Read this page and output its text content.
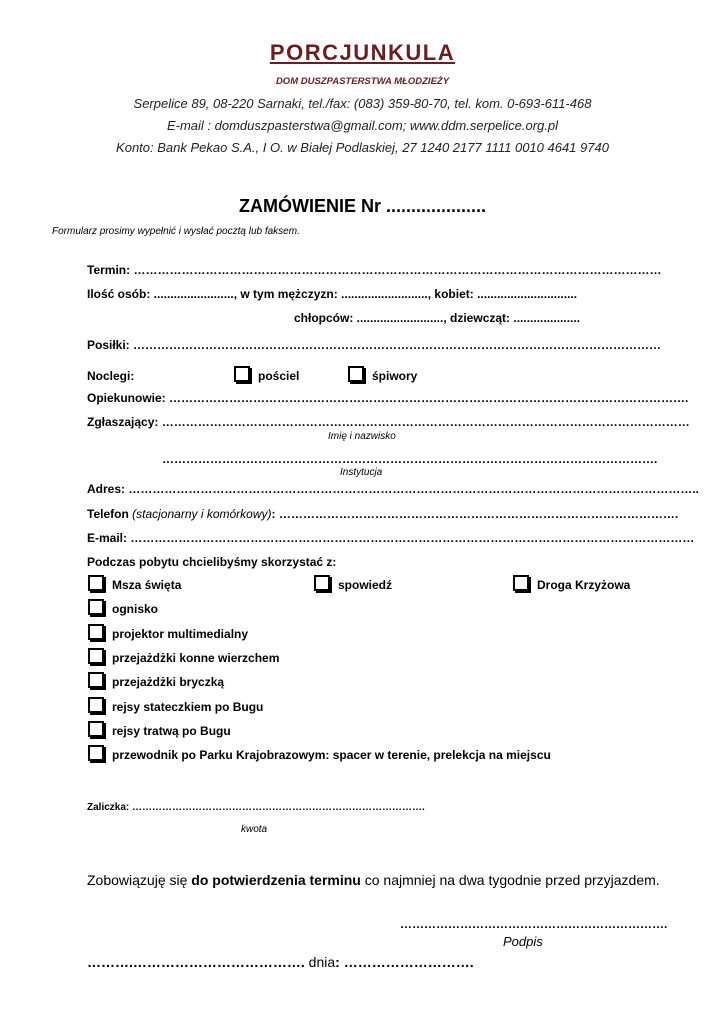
PORCJUNKULA
DOM DUSZPASTERSTWA MŁODZIEŻY
Serpelice 89, 08-220 Sarnaki, tel./fax: (083) 359-80-70, tel. kom. 0-693-611-468
E-mail : domduszpasterstwa@gmail.com; www.ddm.serpelice.org.pl
Konto: Bank Pekao S.A., I O. w Białej Podlaskiej, 27 1240 2177 1111 0010 4641 9740
ZAMÓWIENIE Nr ....................
Formularz prosimy wypełnić i wysłać pocztą lub faksem.
Termin: ……………………………………………………………………………………………………………………
Ilość osób: ........................, w tym mężczyzn: .........................., kobiet: ..............................
chłopców: .........................., dziewcząt: ....................
Posiłki: ……………………………………………………………………………………………………………………
Noclegi:	pościel	śpiwory
Opiekunowie: ………………………………………………………………………………………………………………….
Zgłaszający: ……………………………………………………………………………………………………………………
Imię i nazwisko
…………………………………………………………………………………………………………….
Instytucja
Adres: ……………………………………………………………………………………………………………………………..
Telefon (stacjonarny i komórkowy): ……………………………………………………………………………………….
E-mail: ……………………………………………………………………………………………………………………………
Podczas pobytu chcielibyśmy skorzystać z:
Msza święta	spowiedź	Droga Krzyżowa
ognisko
projektor multimedialny
przejażdżki konne wierzchem
przejażdżki bryczką
rejsy stateczkiem po Bugu
rejsy tratwą po Bugu
przewodnik po Parku Krajobrazowym: spacer w terenie, prelekcja na miejscu
Zaliczka: …………………………………………………………………………….
kwota
Zobowiązuję się do potwierdzenia terminu co najmniej na dwa tygodnie przed przyjazdem.
………………………………………………………….
Podpis
……….………………………………. dnia: ……………………….
